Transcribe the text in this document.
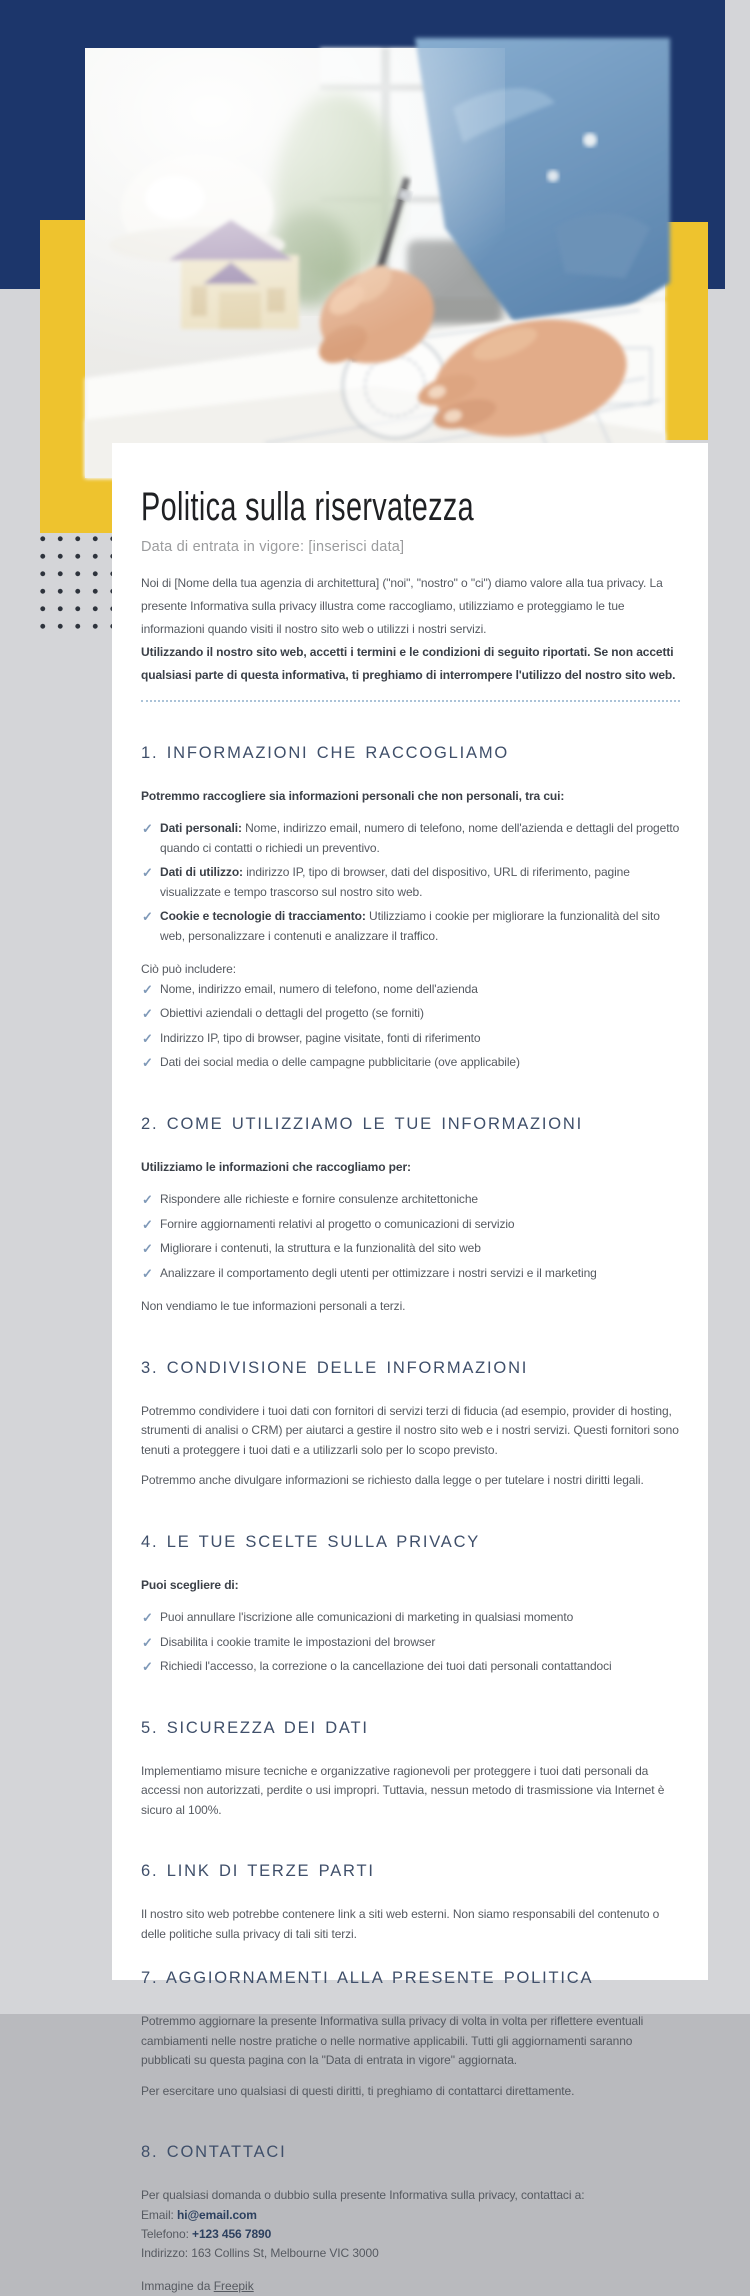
Politica sulla riservatezza

Data di entrata in vigore: [inserisci data]

Noi di [Nome della tua agenzia di architettura] ("noi", "nostro" o "ci") diamo valore alla tua privacy. La presente Informativa sulla privacy illustra come raccogliamo, utilizziamo e proteggiamo le tue informazioni quando visiti il nostro sito web o utilizzi i nostri servizi.

Utilizzando il nostro sito web, accetti i termini e le condizioni di seguito riportati. Se non accetti qualsiasi parte di questa informativa, ti preghiamo di interrompere l'utilizzo del nostro sito web.

1. INFORMAZIONI CHE RACCOGLIAMO

Potremmo raccogliere sia informazioni personali che non personali, tra cui:

✓ Dati personali: Nome, indirizzo email, numero di telefono, nome dell'azienda e dettagli del progetto quando ci contatti o richiedi un preventivo.
✓ Dati di utilizzo: indirizzo IP, tipo di browser, dati del dispositivo, URL di riferimento, pagine visualizzate e tempo trascorso sul nostro sito web.
✓ Cookie e tecnologie di tracciamento: Utilizziamo i cookie per migliorare la funzionalità del sito web, personalizzare i contenuti e analizzare il traffico.

Ciò può includere:

✓ Nome, indirizzo email, numero di telefono, nome dell'azienda
✓ Obiettivi aziendali o dettagli del progetto (se forniti)
✓ Indirizzo IP, tipo di browser, pagine visitate, fonti di riferimento
✓ Dati dei social media o delle campagne pubblicitarie (ove applicabile)
2. COME UTILIZZIAMO LE TUE INFORMAZIONI

Utilizziamo le informazioni che raccogliamo per:

✓ Rispondere alle richieste e fornire consulenze architettoniche
✓ Fornire aggiornamenti relativi al progetto o comunicazioni di servizio
✓ Migliorare i contenuti, la struttura e la funzionalità del sito web
✓ Analizzare il comportamento degli utenti per ottimizzare i nostri servizi e il marketing

Non vendiamo le tue informazioni personali a terzi.

3. CONDIVISIONE DELLE INFORMAZIONI

Potremmo condividere i tuoi dati con fornitori di servizi terzi di fiducia (ad esempio, provider di hosting, strumenti di analisi o CRM) per aiutarci a gestire il nostro sito web e i nostri servizi. Questi fornitori sono tenuti a proteggere i tuoi dati e a utilizzarli solo per lo scopo previsto.

Potremmo anche divulgare informazioni se richiesto dalla legge o per tutelare i nostri diritti legali.

4. LE TUE SCELTE SULLA PRIVACY

Puoi scegliere di:

✓ Puoi annullare l'iscrizione alle comunicazioni di marketing in qualsiasi momento
✓ Disabilita i cookie tramite le impostazioni del browser
✓ Richiedi l'accesso, la correzione o la cancellazione dei tuoi dati personali contattandoci
5. SICUREZZA DEI DATI

Implementiamo misure tecniche e organizzative ragionevoli per proteggere i tuoi dati personali da accessi non autorizzati, perdite o usi impropri. Tuttavia, nessun metodo di trasmissione via Internet è sicuro al 100%.

6. LINK DI TERZE PARTI

Il nostro sito web potrebbe contenere link a siti web esterni. Non siamo responsabili del contenuto o delle politiche sulla privacy di tali siti terzi.

7. AGGIORNAMENTI ALLA PRESENTE POLITICA

Potremmo aggiornare la presente Informativa sulla privacy di volta in volta per riflettere eventuali cambiamenti nelle nostre pratiche o nelle normative applicabili. Tutti gli aggiornamenti saranno pubblicati su questa pagina con la "Data di entrata in vigore" aggiornata.

Per esercitare uno qualsiasi di questi diritti, ti preghiamo di contattarci direttamente.

8. CONTATTACI

Per qualsiasi domanda o dubbio sulla presente Informativa sulla privacy, contattaci a:

Email: hi@email.com

Telefono: +123 456 7890

Indirizzo: 163 Collins St, Melbourne VIC 3000

Immagine da Freepik
